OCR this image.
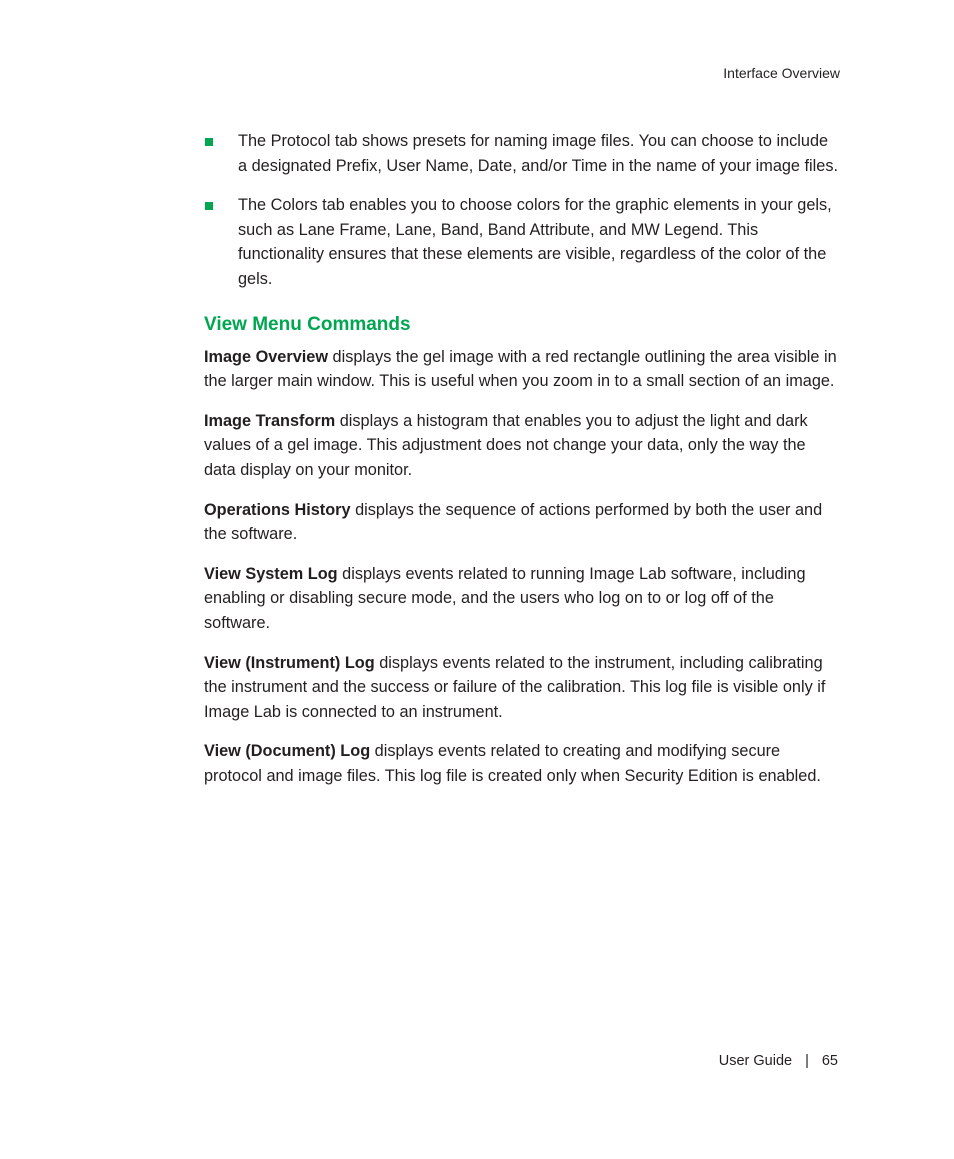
Interface Overview
The Protocol tab shows presets for naming image files. You can choose to include a designated Prefix, User Name, Date, and/or Time in the name of your image files.
The Colors tab enables you to choose colors for the graphic elements in your gels, such as Lane Frame, Lane, Band, Band Attribute, and MW Legend. This functionality ensures that these elements are visible, regardless of the color of the gels.
View Menu Commands

Image Overview displays the gel image with a red rectangle outlining the area visible in the larger main window. This is useful when you zoom in to a small section of an image.

Image Transform displays a histogram that enables you to adjust the light and dark values of a gel image. This adjustment does not change your data, only the way the data display on your monitor.

Operations History displays the sequence of actions performed by both the user and the software.

View System Log displays events related to running Image Lab software, including enabling or disabling secure mode, and the users who log on to or log off of the software.

View (Instrument) Log displays events related to the instrument, including calibrating the instrument and the success or failure of the calibration. This log file is visible only if Image Lab is connected to an instrument.

View (Document) Log displays events related to creating and modifying secure protocol and image files. This log file is created only when Security Edition is enabled.

User Guide | 65
